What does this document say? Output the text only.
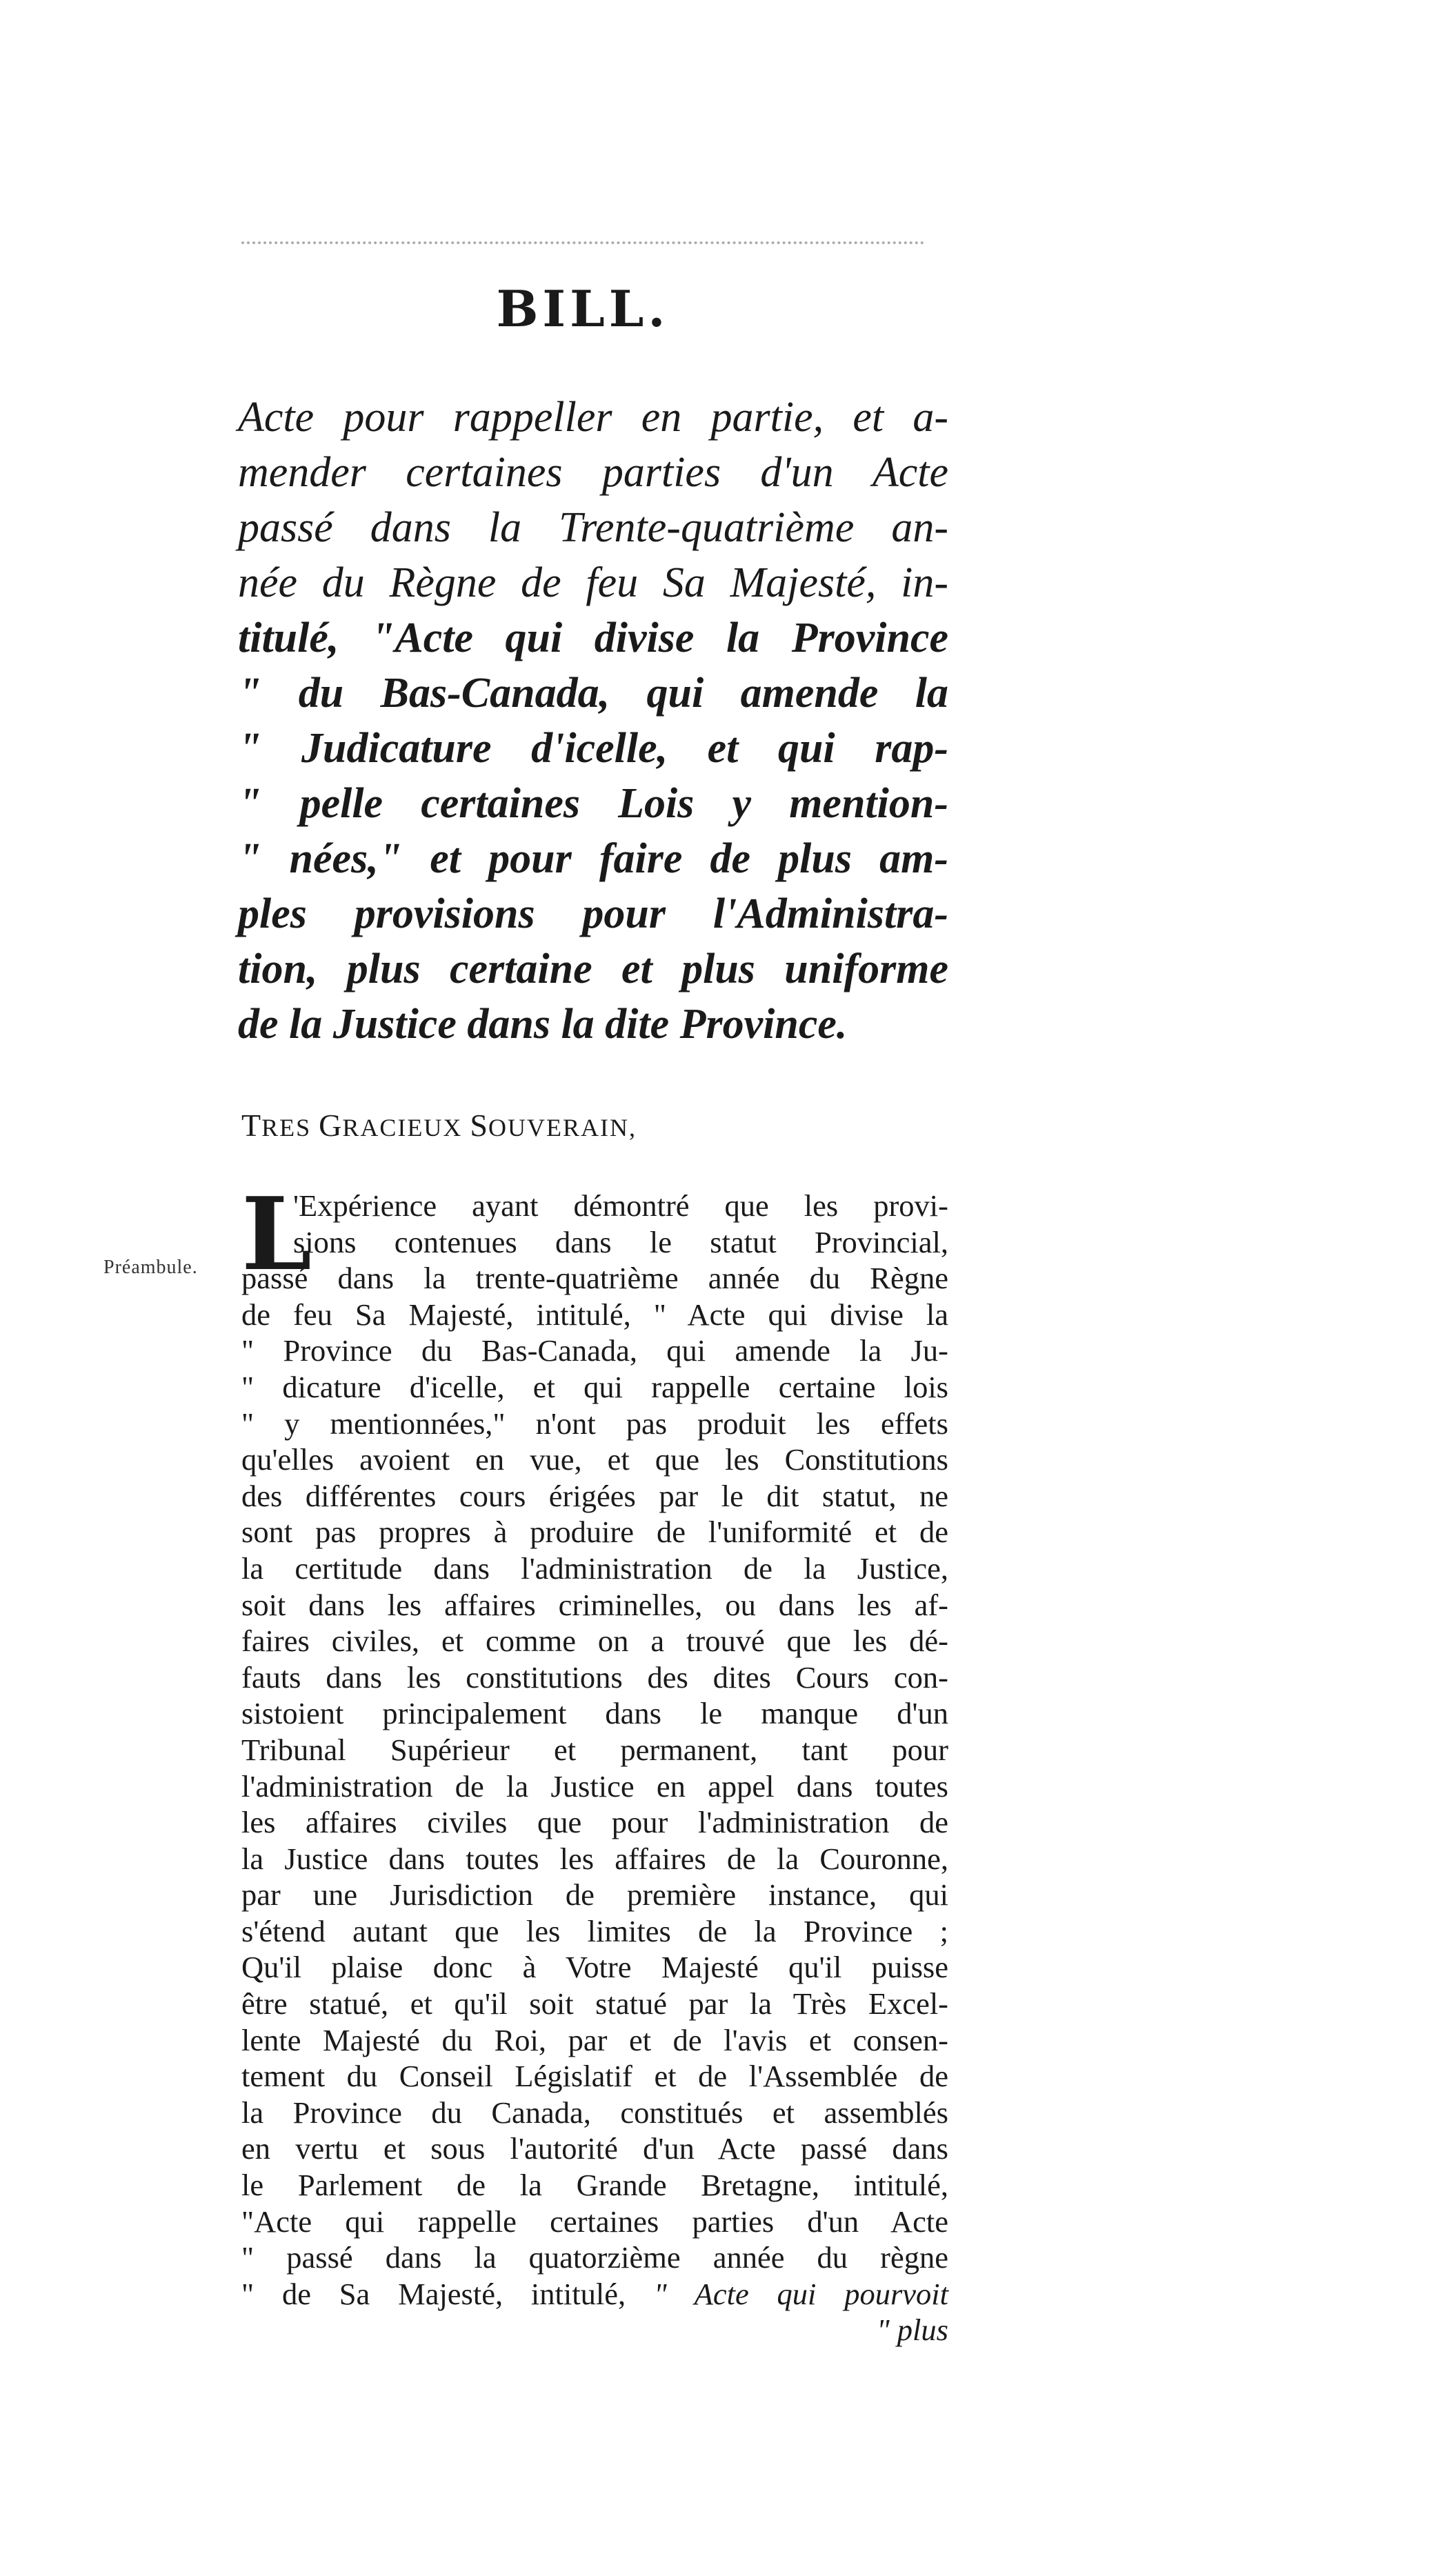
BILL.
Acte pour rappeller en partie, et a-
mender certaines parties d'un Acte
passé dans la Trente-quatrième an-
née du Règne de feu Sa Majesté, in-
titulé, "Acte qui divise la Province
" du Bas-Canada, qui amende la
" Judicature d'icelle, et qui rap-
" pelle certaines Lois y mention-
" nées," et pour faire de plus am-
ples provisions pour l'Administra-
tion, plus certaine et plus uniforme
de la Justice dans la dite Province.
TRES GRACIEUX SOUVERAIN,
Préambule. L
'Expérience ayant démontré que les provi-
sions contenues dans le statut Provincial,
passé dans la trente-quatrième année du Règne
de feu Sa Majesté, intitulé, " Acte qui divise la
" Province du Bas-Canada, qui amende la Ju-
" dicature d'icelle, et qui rappelle certaine lois
" y mentionnées," n'ont pas produit les effets
qu'elles avoient en vue, et que les Constitutions
des différentes cours érigées par le dit statut, ne
sont pas propres à produire de l'uniformité et de
la certitude dans l'administration de la Justice,
soit dans les affaires criminelles, ou dans les af-
faires civiles, et comme on a trouvé que les dé-
fauts dans les constitutions des dites Cours con-
sistoient principalement dans le manque d'un
Tribunal Supérieur et permanent, tant pour
l'administration de la Justice en appel dans toutes
les affaires civiles que pour l'administration de
la Justice dans toutes les affaires de la Couronne,
par une Jurisdiction de première instance, qui
s'étend autant que les limites de la Province ;
Qu'il plaise donc à Votre Majesté qu'il puisse
être statué, et qu'il soit statué par la Très Excel-
lente Majesté du Roi, par et de l'avis et consen-
tement du Conseil Législatif et de l'Assemblée de
la Province du Canada, constitués et assemblés
en vertu et sous l'autorité d'un Acte passé dans
le Parlement de la Grande Bretagne, intitulé,
"Acte qui rappelle certaines parties d'un Acte
" passé dans la quatorzième année du règne
" de Sa Majesté, intitulé, " Acte qui pourvoit
" plus
